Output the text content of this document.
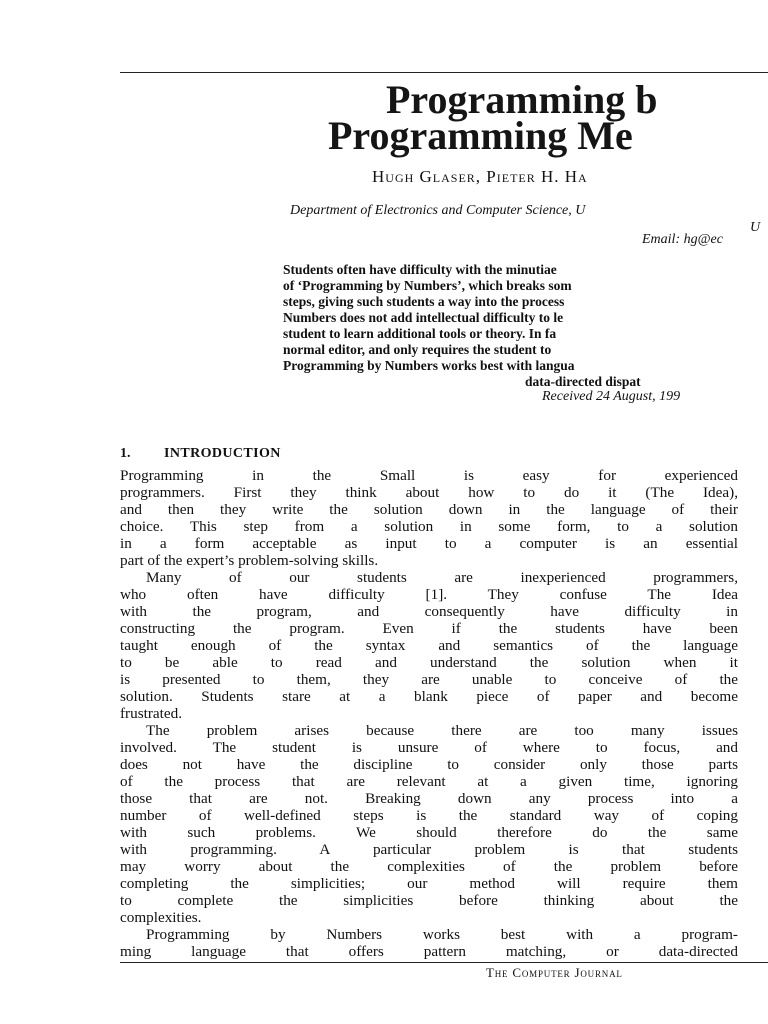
Programming b
Programming Me

Hugh Glaser, Pieter H. Ha

Department of Electronics and Computer Science, U

U

Email: hg@ec

Students often have difficulty with the minutiae

of ‘Programming by Numbers’, which breaks som

steps, giving such students a way into the process

Numbers does not add intellectual difficulty to le

student to learn additional tools or theory. In fa

normal editor, and only requires the student to

Programming by Numbers works best with langua

data-directed dispat

Received 24 August, 199

1. INTRODUCTION

Programming in the Small is easy for experienced

programmers. First they think about how to do it (The Idea),

and then they write the solution down in the language of their

choice. This step from a solution in some form, to a solution

in a form acceptable as input to a computer is an essential

part of the expert’s problem-solving skills.

Many of our students are inexperienced programmers,

who often have difficulty [1]. They confuse The Idea

with the program, and consequently have difficulty in

constructing the program. Even if the students have been

taught enough of the syntax and semantics of the language

to be able to read and understand the solution when it

is presented to them, they are unable to conceive of the

solution. Students stare at a blank piece of paper and become

frustrated.

The problem arises because there are too many issues

involved. The student is unsure of where to focus, and

does not have the discipline to consider only those parts

of the process that are relevant at a given time, ignoring

those that are not. Breaking down any process into a

number of well-defined steps is the standard way of coping

with such problems. We should therefore do the same

with programming. A particular problem is that students

may worry about the complexities of the problem before

completing the simplicities; our method will require them

to complete the simplicities before thinking about the

complexities.

Programming by Numbers works best with a program-

ming language that offers pattern matching, or data-directed

The Computer Journal
